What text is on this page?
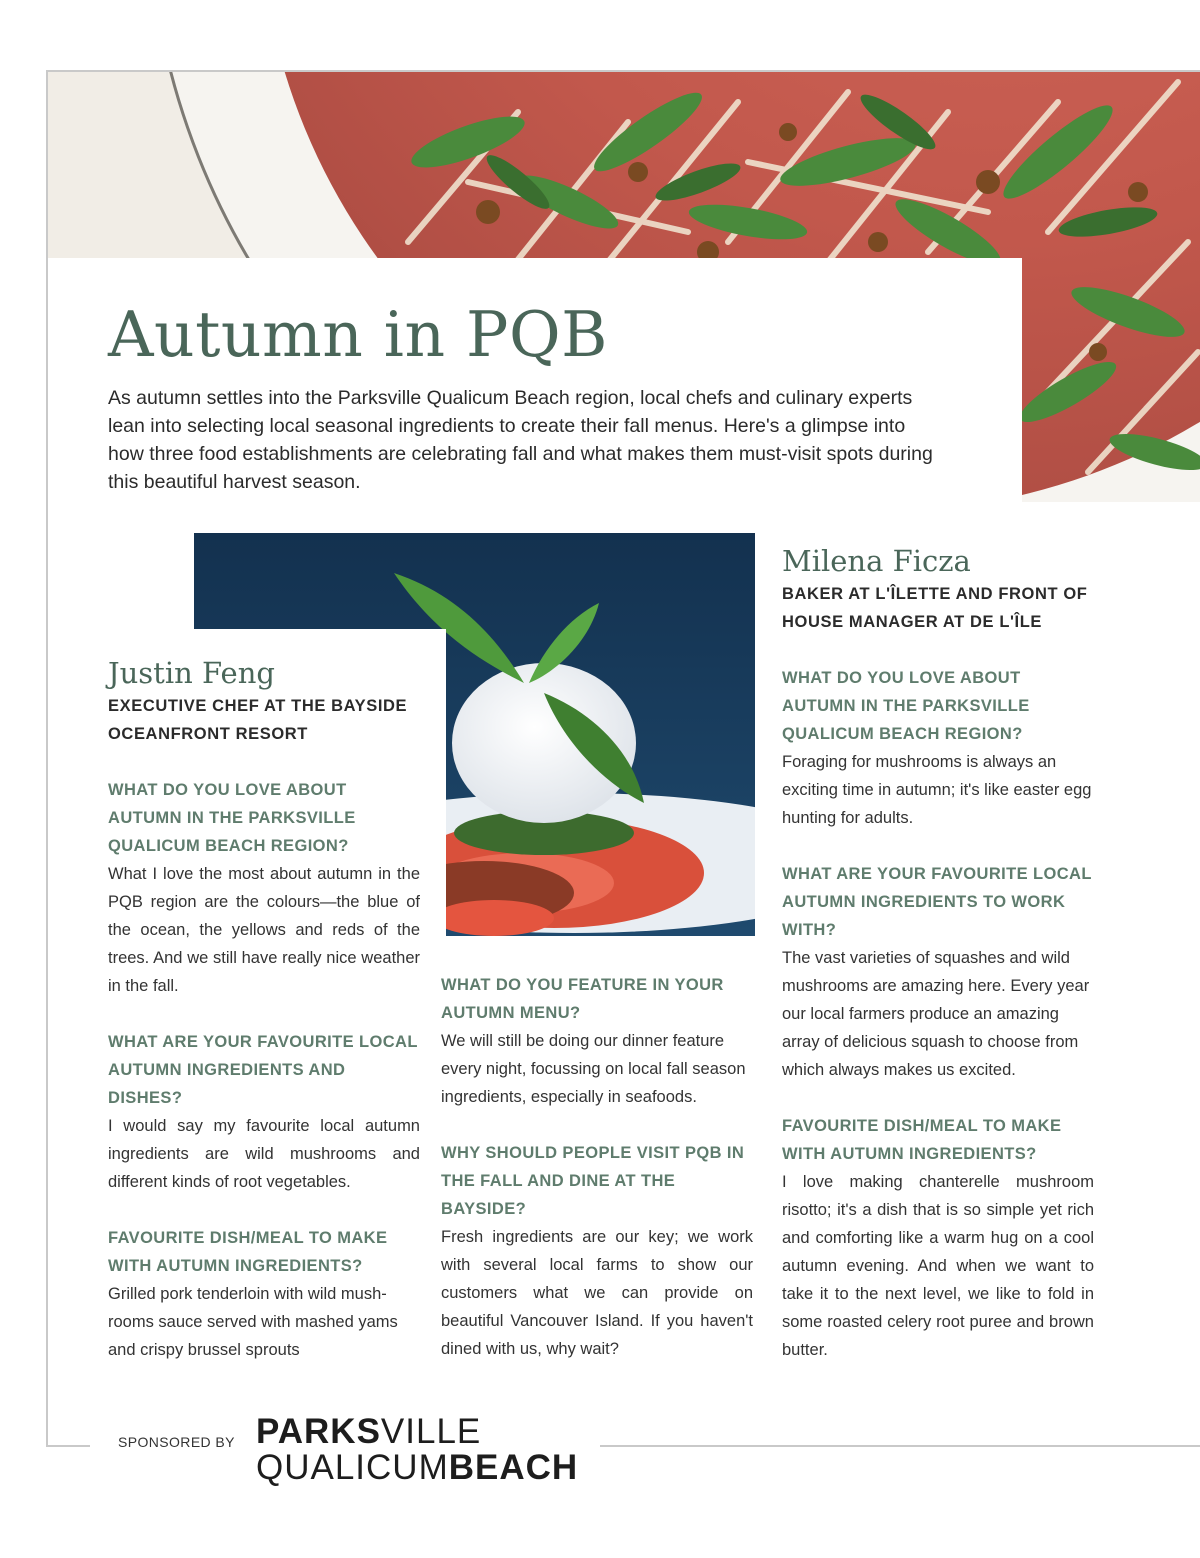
Autumn in PQB

As autumn settles into the Parksville Qualicum Beach region, local chefs and culinary experts lean into selecting local seasonal ingredients to create their fall menus. Here's a glimpse into how three food establishments are celebrating fall and what makes them must-visit spots during this beautiful harvest season.

Justin Feng

EXECUTIVE CHEF AT THE BAYSIDE

OCEANFRONT RESORT

WHAT DO YOU LOVE ABOUT AUTUMN IN THE PARKSVILLE QUALICUM BEACH REGION?

What I love the most about autumn in the PQB region are the colours—the blue of the ocean, the yellows and reds of the trees. And we still have really nice weather in the fall.

WHAT ARE YOUR FAVOURITE LOCAL AUTUMN INGREDIENTS AND DISHES?

I would say my favourite local autumn ingredients are wild mushrooms and different kinds of root vegetables.

FAVOURITE DISH/MEAL TO MAKE WITH AUTUMN INGREDIENTS?

Grilled pork tenderloin with wild mush-rooms sauce served with mashed yams and crispy brussel sprouts

WHAT DO YOU FEATURE IN YOUR AUTUMN MENU?

We will still be doing our dinner feature every night, focussing on local fall season ingredients, especially in seafoods.

WHY SHOULD PEOPLE VISIT PQB IN THE FALL AND DINE AT THE BAYSIDE?

Fresh ingredients are our key; we work with several local farms to show our customers what we can provide on beautiful Vancouver Island. If you haven't dined with us, why wait?

Milena Ficza

BAKER AT L'ÎLETTE AND FRONT OF

HOUSE MANAGER AT DE L'ÎLE

WHAT DO YOU LOVE ABOUT AUTUMN IN THE PARKSVILLE QUALICUM BEACH REGION?

Foraging for mushrooms is always an exciting time in autumn; it's like easter egg hunting for adults.

WHAT ARE YOUR FAVOURITE LOCAL AUTUMN INGREDIENTS TO WORK WITH?

The vast varieties of squashes and wild mushrooms are amazing here. Every year our local farmers produce an amazing array of delicious squash to choose from which always makes us excited.

FAVOURITE DISH/MEAL TO MAKE WITH AUTUMN INGREDIENTS?

I love making chanterelle mushroom risotto; it's a dish that is so simple yet rich and comforting like a warm hug on a cool autumn evening. And when we want to take it to the next level, we like to fold in some roasted celery root puree and brown butter.

SPONSORED BY PARKSVILLE
QUALICUMBEACH
